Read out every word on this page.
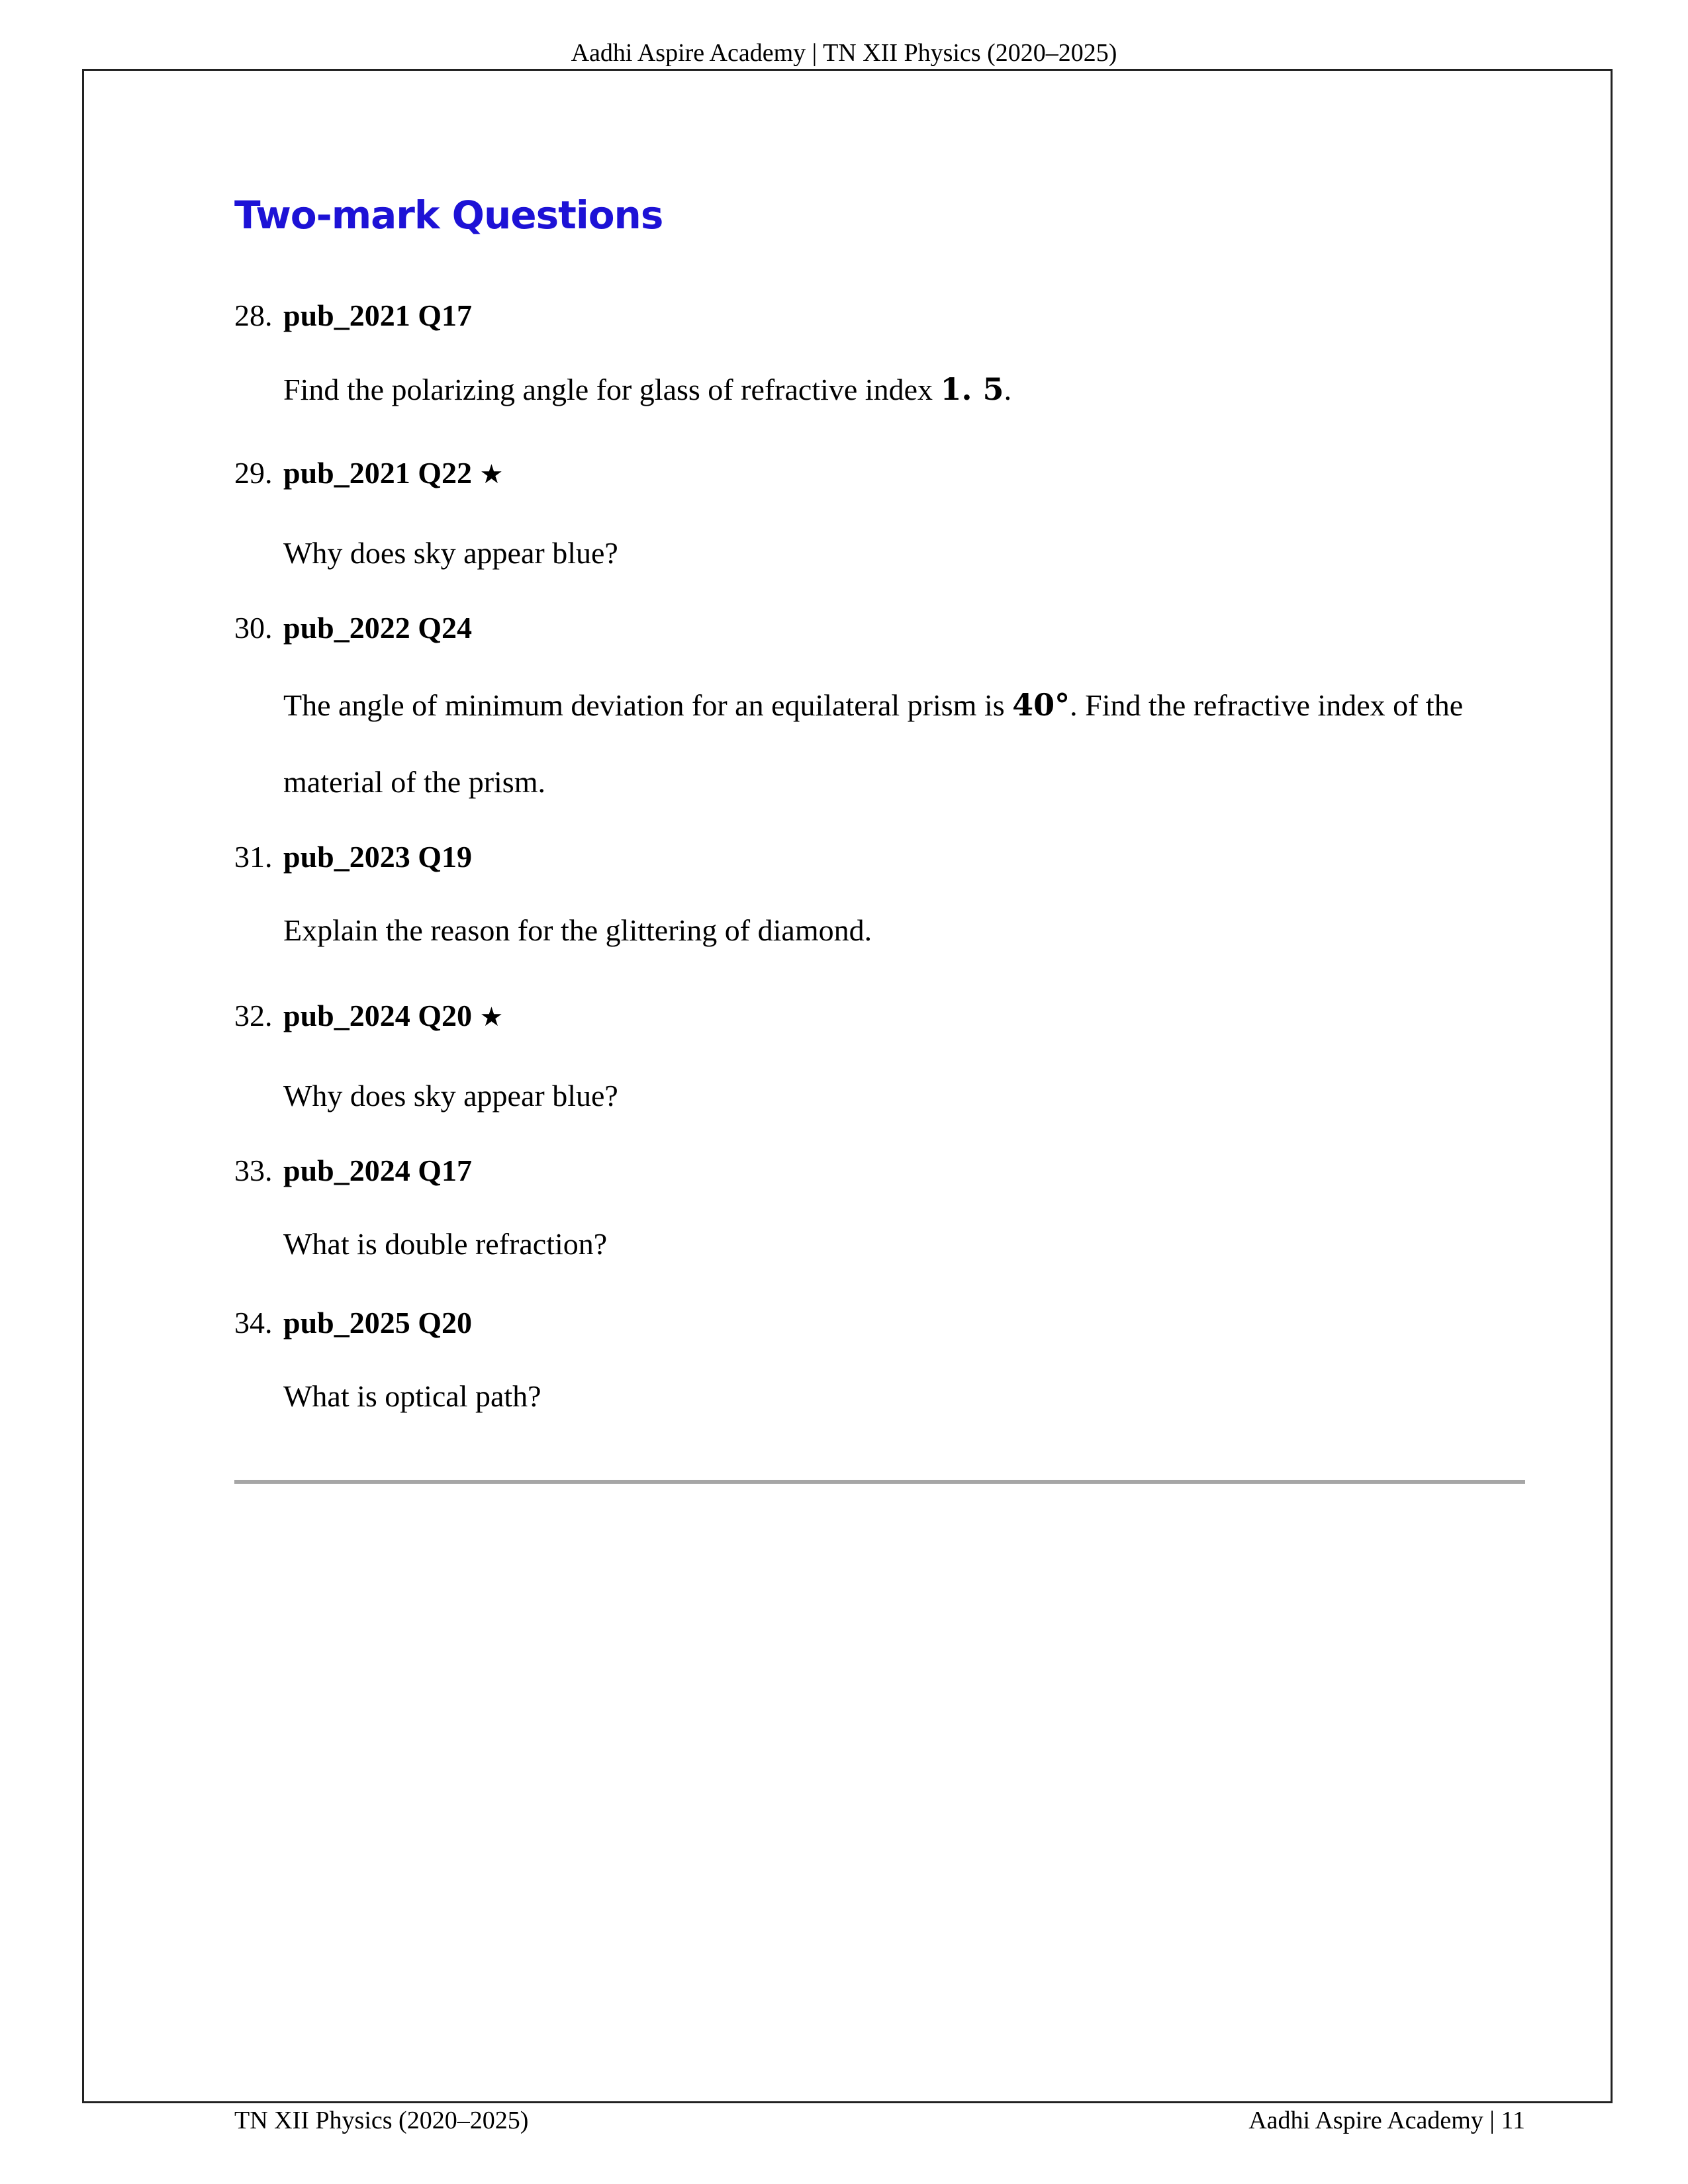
Aadhi Aspire Academy | TN XII Physics (2020–2025)
Two-mark Questions
28. pub_2021 Q17
Find the polarizing angle for glass of refractive index 1. 5.
29. pub_2021 Q22 ★
Why does sky appear blue?
30. pub_2022 Q24
The angle of minimum deviation for an equilateral prism is 40°. Find the refractive index of the material of the prism.
31. pub_2023 Q19
Explain the reason for the glittering of diamond.
32. pub_2024 Q20 ★
Why does sky appear blue?
33. pub_2024 Q17
What is double refraction?
34. pub_2025 Q20
What is optical path?
TN XII Physics (2020–2025)	Aadhi Aspire Academy | 11
